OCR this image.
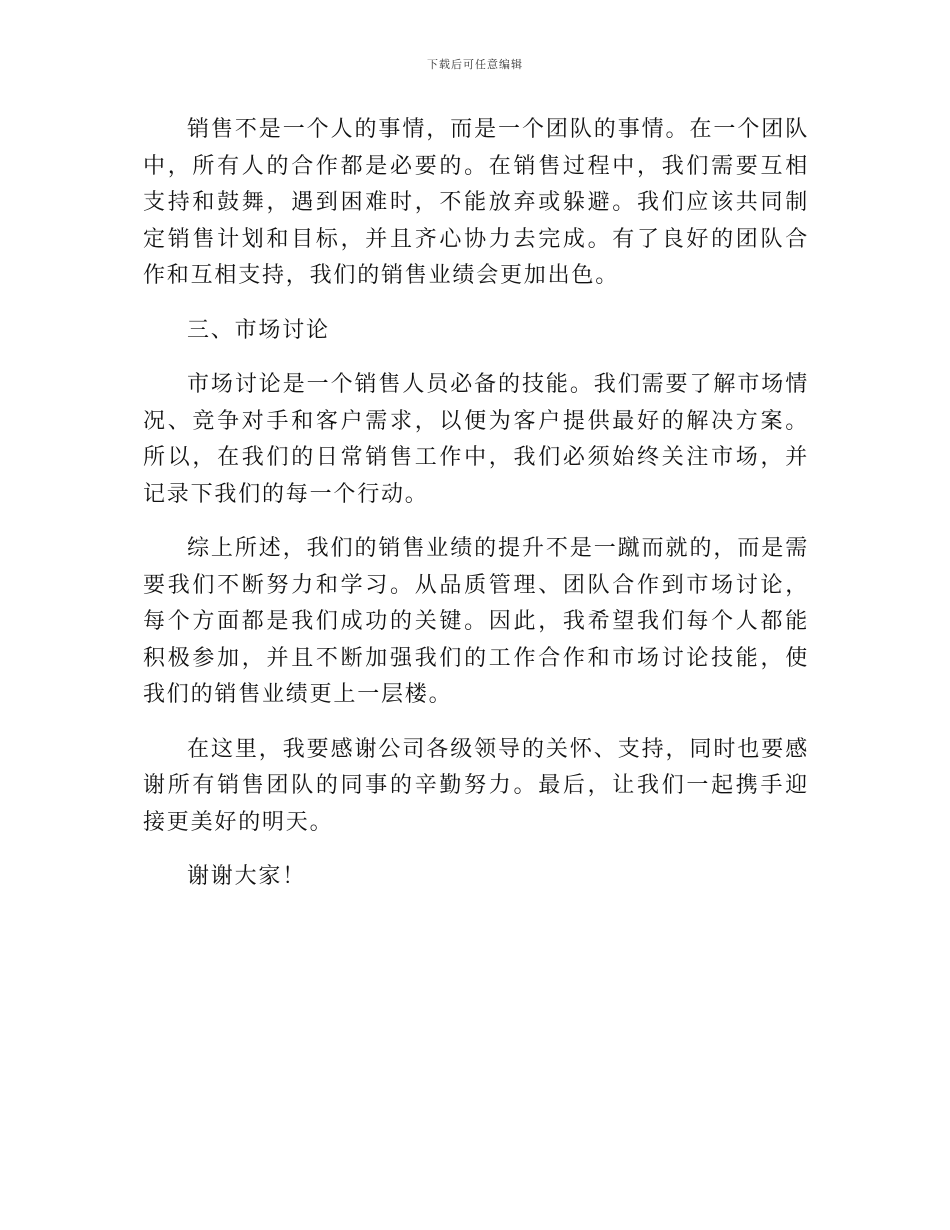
下载后可任意编辑

销售不是一个人的事情，而是一个团队的事情。在一个团队中，所有人的合作都是必要的。在销售过程中，我们需要互相支持和鼓舞，遇到困难时，不能放弃或躲避。我们应该共同制定销售计划和目标，并且齐心协力去完成。有了良好的团队合作和互相支持，我们的销售业绩会更加出色。

三、市场讨论

市场讨论是一个销售人员必备的技能。我们需要了解市场情况、竞争对手和客户需求，以便为客户提供最好的解决方案。所以，在我们的日常销售工作中，我们必须始终关注市场，并记录下我们的每一个行动。

综上所述，我们的销售业绩的提升不是一蹴而就的，而是需要我们不断努力和学习。从品质管理、团队合作到市场讨论，每个方面都是我们成功的关键。因此，我希望我们每个人都能积极参加，并且不断加强我们的工作合作和市场讨论技能，使我们的销售业绩更上一层楼。

在这里，我要感谢公司各级领导的关怀、支持，同时也要感谢所有销售团队的同事的辛勤努力。最后，让我们一起携手迎接更美好的明天。

谢谢大家！
